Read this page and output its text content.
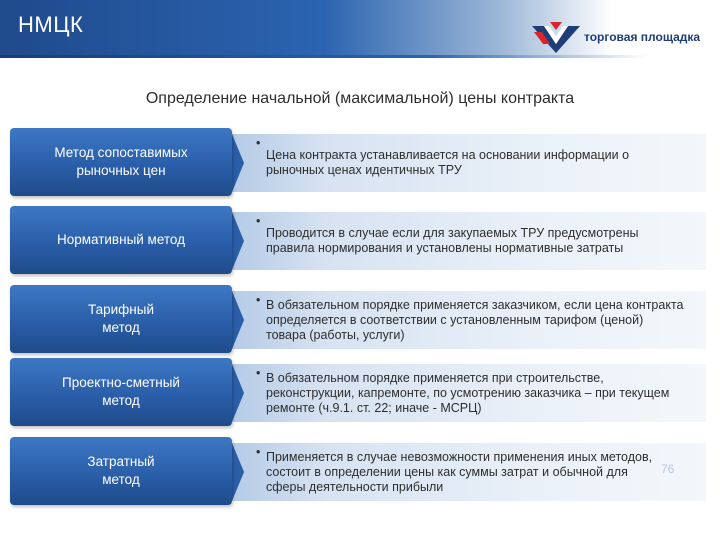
НМЦК	торговая площадка
Определение начальной (максимальной) цены контракта
•
Цена контракта устанавливается на основании информации о рыночных ценах идентичных ТРУ
Метод сопоставимых рыночных цен
•
Проводится в случае если для закупаемых ТРУ предусмотрены правила нормирования и установлены нормативные затраты
Нормативный метод
• В обязательном порядке применяется заказчиком, если цена контракта определяется в соответствии с установленным тарифом (ценой) товара (работы, услуги)
Тарифный метод
• В обязательном порядке применяется при строительстве, реконструкции, капремонте, по усмотрению заказчика – при текущем ремонте (ч.9.1. ст. 22; иначе - МСРЦ)
Проектно-сметный метод
• Применяется в случае невозможности применения иных методов, состоит в определении цены как суммы затрат и обычной для сферы деятельности прибыли
Затратный метод
76
